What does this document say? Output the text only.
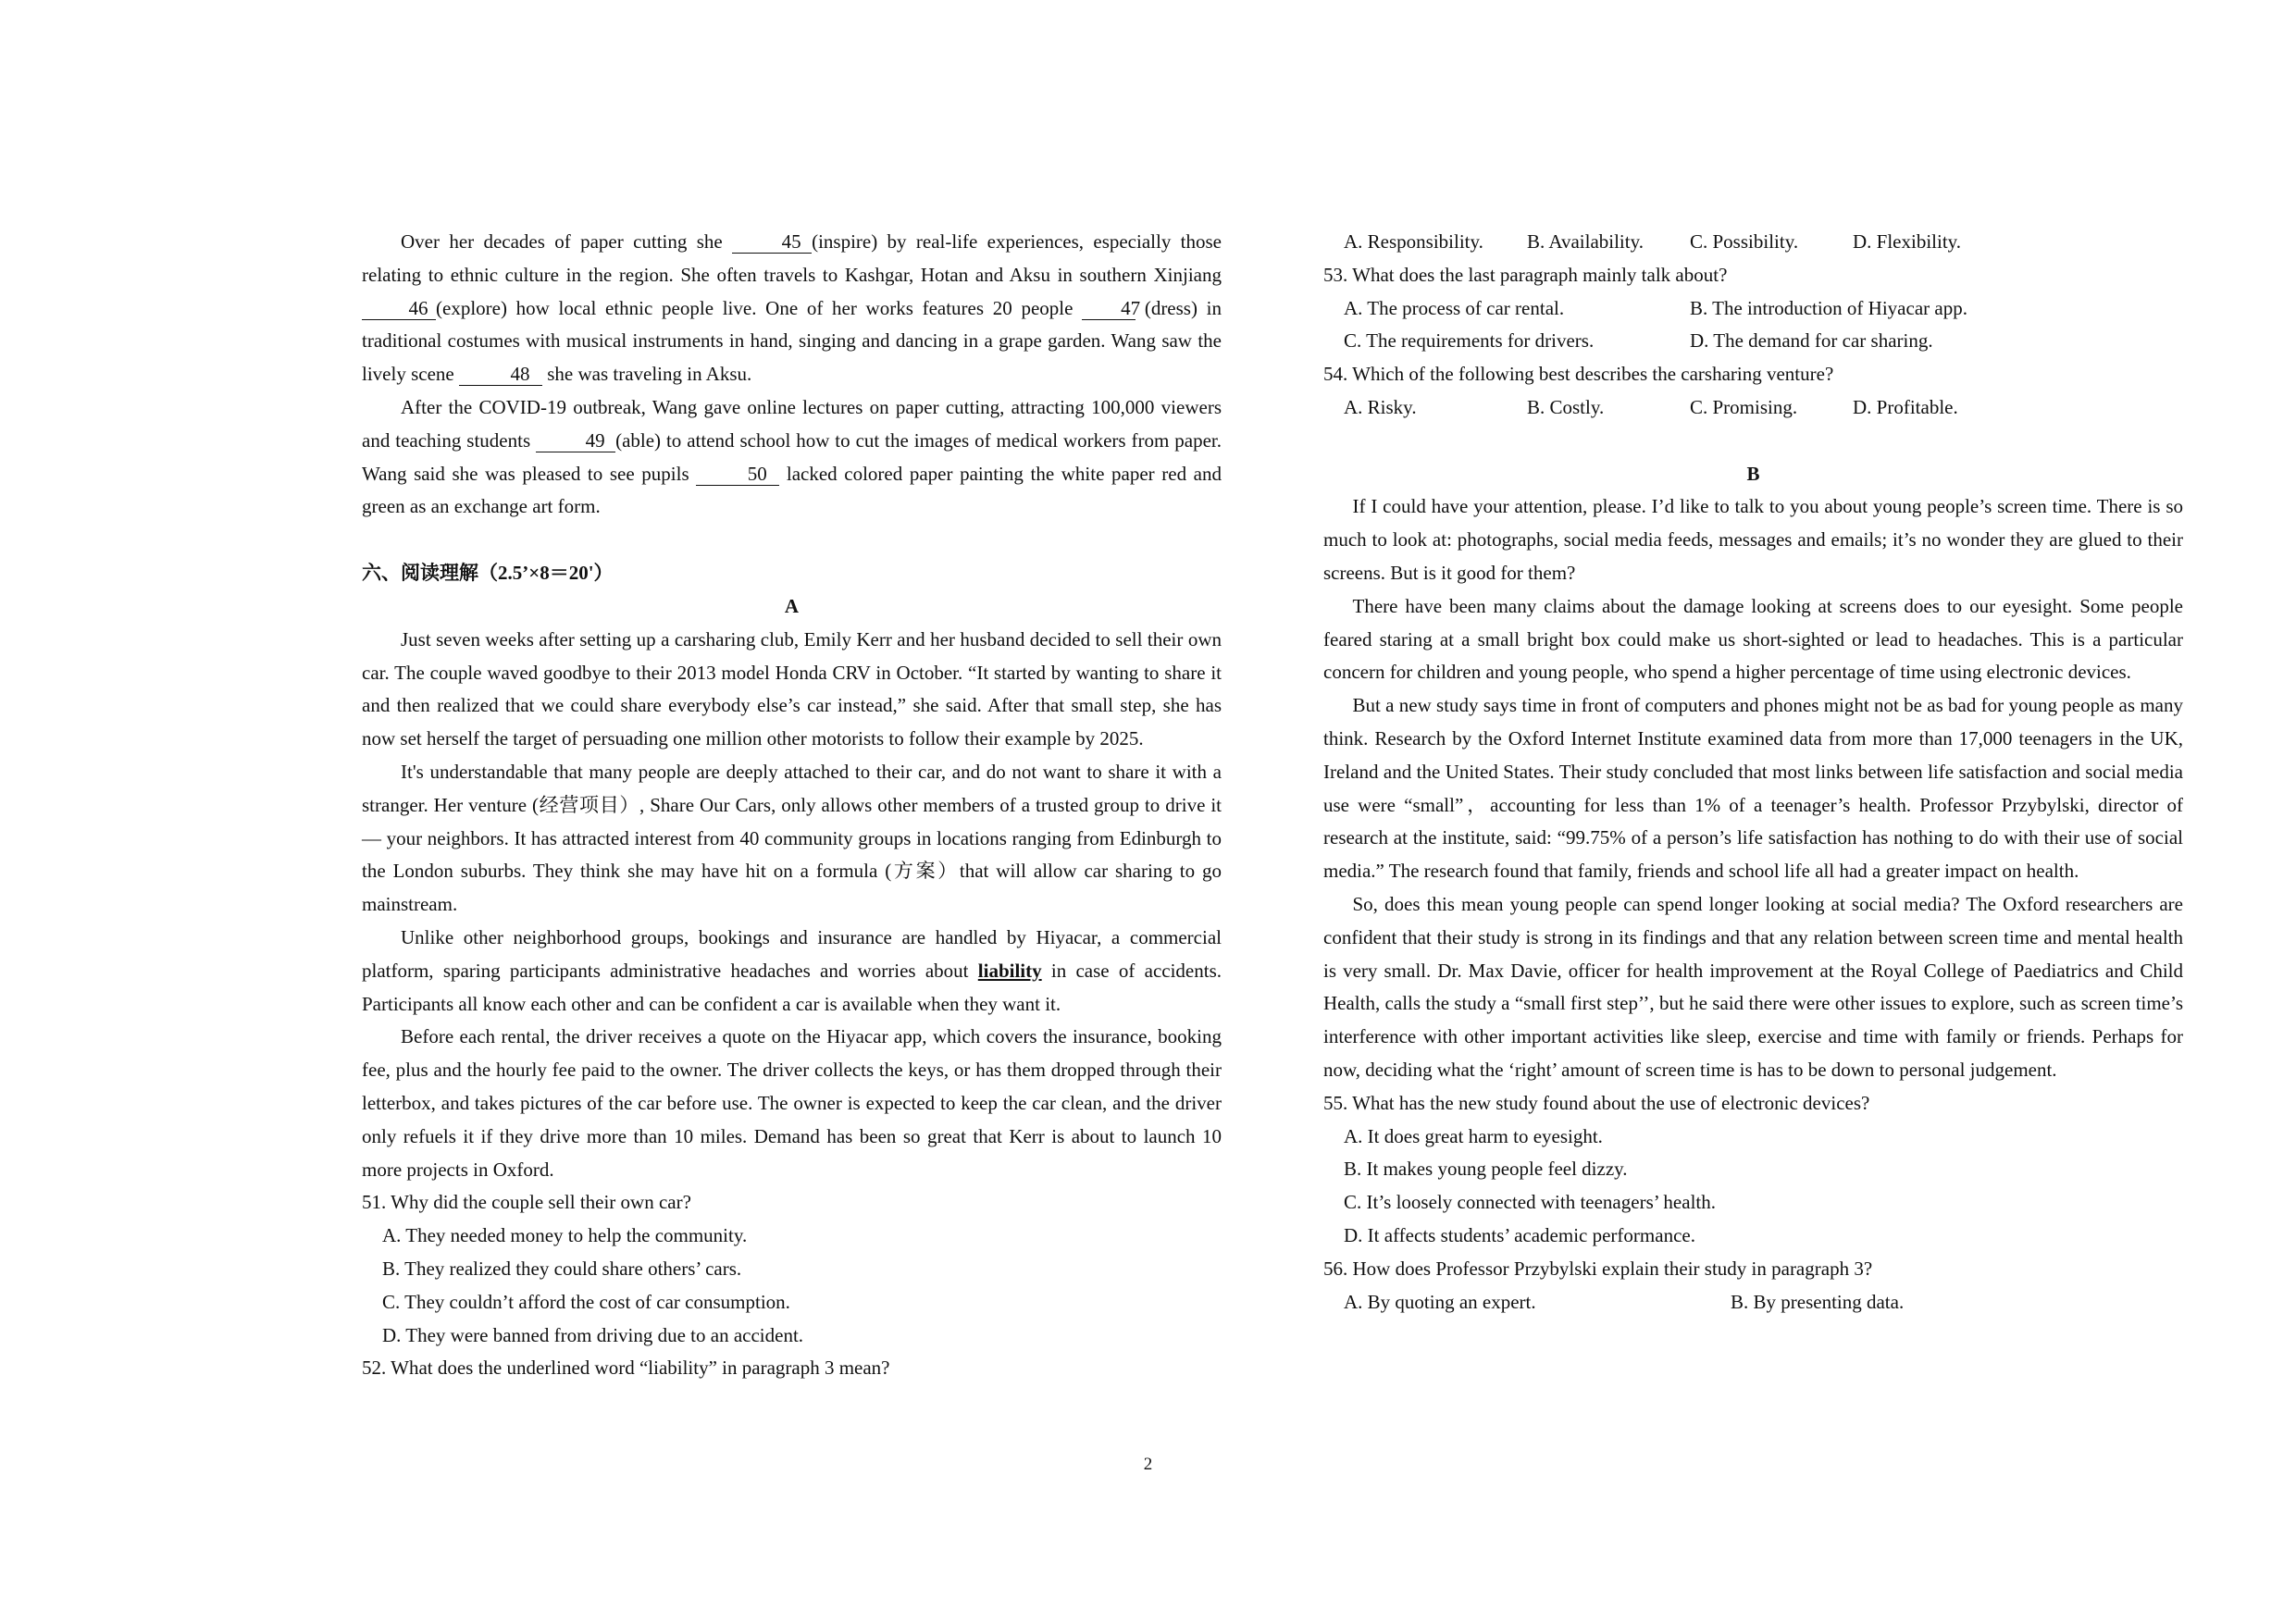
Over her decades of paper cutting she	45 (inspire) by real-life experiences, especially those relating to ethnic culture in the region. She often travels to Kashgar, Hotan and Aksu in southern Xinjiang 46 (explore) how local ethnic people live. One of her works features 20 people 47 (dress) in traditional costumes with musical instruments in hand, singing and dancing in a grape garden. Wang saw the lively scene	48 she was traveling in Aksu.

After the COVID-19 outbreak, Wang gave online lectures on paper cutting, attracting 100,000 viewers and teaching students	49 (able) to attend school how to cut the images of medical workers from paper. Wang said she was pleased to see pupils	50 lacked colored paper painting the white paper red and green as an exchange art form.

六、阅读理解（2.5’×8＝20'）

A

Just seven weeks after setting up a carsharing club, Emily Kerr and her husband decided to sell their own car. The couple waved goodbye to their 2013 model Honda CRV in October. “It started by wanting to share it and then realized that we could share everybody else’s car instead,” she said. After that small step, she has now set herself the target of persuading one million other motorists to follow their example by 2025.

It's understandable that many people are deeply attached to their car, and do not want to share it with a stranger. Her venture (经营项目）, Share Our Cars, only allows other members of a trusted group to drive it — your neighbors. It has attracted interest from 40 community groups in locations ranging from Edinburgh to the London suburbs. They think she may have hit on a formula (方案）that will allow car sharing to go mainstream.

Unlike other neighborhood groups, bookings and insurance are handled by Hiyacar, a commercial platform, sparing participants administrative headaches and worries about liability in case of accidents. Participants all know each other and can be confident a car is available when they want it.

Before each rental, the driver receives a quote on the Hiyacar app, which covers the insurance, booking fee, plus and the hourly fee paid to the owner. The driver collects the keys, or has them dropped through their letterbox, and takes pictures of the car before use. The owner is expected to keep the car clean, and the driver only refuels it if they drive more than 10 miles. Demand has been so great that Kerr is about to launch 10 more projects in Oxford.

51. Why did the couple sell their own car?

A. They needed money to help the community.

B. They realized they could share others’ cars.

C. They couldn’t afford the cost of car consumption.

D. They were banned from driving due to an accident.

52. What does the underlined word “liability” in paragraph 3 mean?

A. Responsibility.	B. Availability.	C. Possibility.	D. Flexibility.

53. What does the last paragraph mainly talk about?

A. The process of car rental.	B. The introduction of Hiyacar app.
C. The requirements for drivers.	D. The demand for car sharing.

54. Which of the following best describes the carsharing venture?

A. Risky.	B. Costly.	C. Promising.	D. Profitable.

B

If I could have your attention, please. I’d like to talk to you about young people’s screen time. There is so much to look at: photographs, social media feeds, messages and emails; it’s no wonder they are glued to their screens. But is it good for them?

There have been many claims about the damage looking at screens does to our eyesight. Some people feared staring at a small bright box could make us short-sighted or lead to headaches. This is a particular concern for children and young people, who spend a higher percentage of time using electronic devices.

But a new study says time in front of computers and phones might not be as bad for young people as many think. Research by the Oxford Internet Institute examined data from more than 17,000 teenagers in the UK, Ireland and the United States. Their study concluded that most links between life satisfaction and social media use were “small”，accounting for less than 1% of a teenager’s health. Professor Przybylski, director of research at the institute, said: “99.75% of a person’s life satisfaction has nothing to do with their use of social media.” The research found that family, friends and school life all had a greater impact on health.

So, does this mean young people can spend longer looking at social media? The Oxford researchers are confident that their study is strong in its findings and that any relation between screen time and mental health is very small. Dr. Max Davie, officer for health improvement at the Royal College of Paediatrics and Child Health, calls the study a “small first step’’, but he said there were other issues to explore, such as screen time’s interference with other important activities like sleep, exercise and time with family or friends. Perhaps for now, deciding what the ‘right’ amount of screen time is has to be down to personal judgement.

55. What has the new study found about the use of electronic devices?

A. It does great harm to eyesight.

B. It makes young people feel dizzy.

C. It’s loosely connected with teenagers’ health.

D. It affects students’ academic performance.

56. How does Professor Przybylski explain their study in paragraph 3?

A. By quoting an expert.	B. By presenting data.
2
